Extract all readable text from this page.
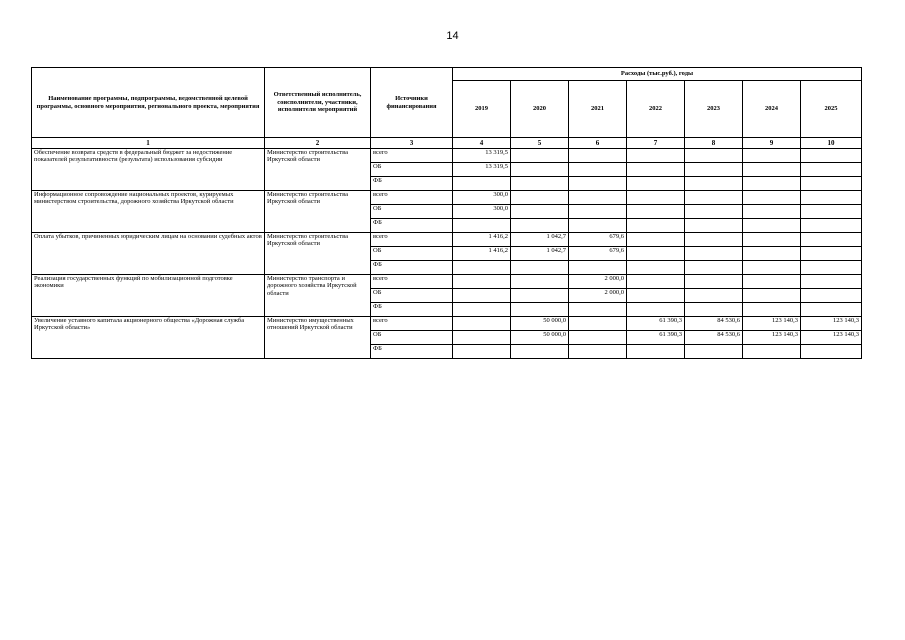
14
Наименование программы, подпрограммы, ведомственной целевой программы, основного мероприятия, регионального проекта, мероприятия	Ответственный исполнитель, соисполнители, участники, исполнители мероприятий	Источники финансирования	Расходы (тыс.руб.), годы						
			2019	2020	2021	2022	2023	2024	2025
1	2	3	4	5	6	7	8	9	10
Обеспечение возврата средств в федеральный бюджет за недостижение показателей результативности (результата) использования субсидии	Министерство строительства Иркутской области	всего	13 319,5						
		ОБ	13 319,5						
		ФБ							
Информационное сопровождение национальных проектов, курируемых министерством строительства, дорожного хозяйства Иркутской области	Министерство строительства Иркутской области	всего	300,0						
		ОБ	300,0						
		ФБ							
Оплата убытков, причиненных юридическим лицам на основании судебных актов	Министерство строительства Иркутской области	всего	1 416,2	1 042,7	679,6				
		ОБ	1 416,2	1 042,7	679,6				
		ФБ							
Реализация государственных функций по мобилизационной подготовке экономики	Министерство транспорта и дорожного хозяйства Иркутской области	всего			2 000,0				
		ОБ			2 000,0				
		ФБ							
Увеличение уставного капитала акционерного общества «Дорожная служба Иркутской области»	Министерство имущественных отношений Иркутской области	всего		50 000,0		61 390,3	84 530,6	123 140,3	123 140,3
		ОБ		50 000,0		61 390,3	84 530,6	123 140,3	123 140,3
		ФБ							
